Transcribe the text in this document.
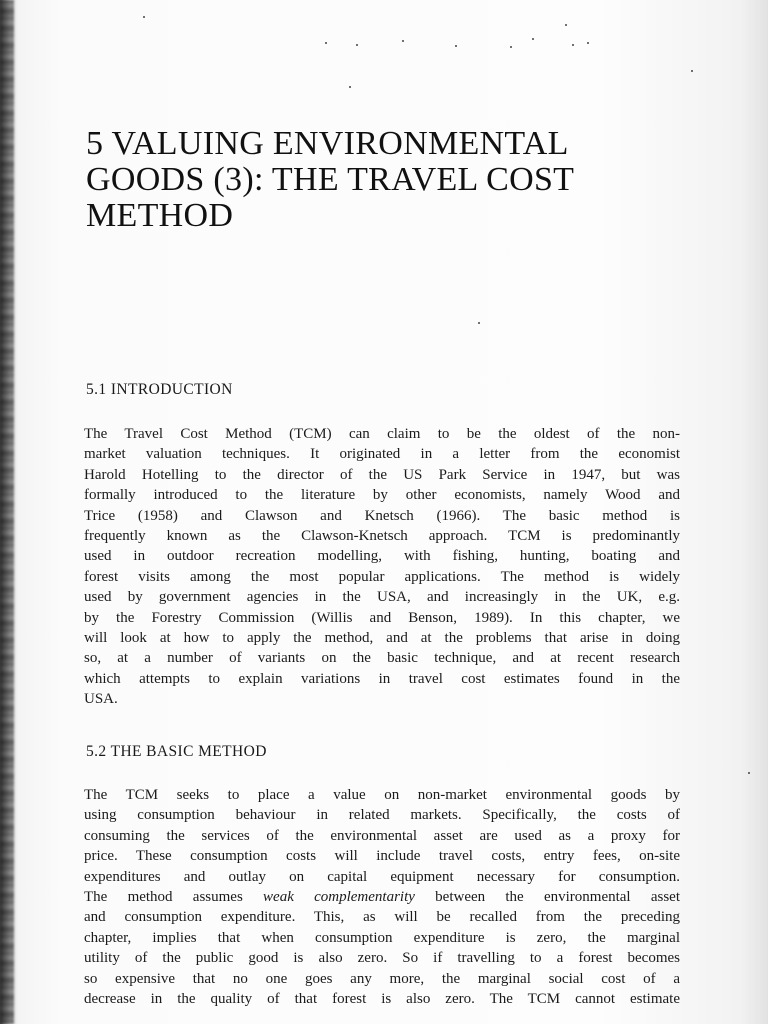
5 VALUING ENVIRONMENTAL
GOODS (3): THE TRAVEL COST
METHOD
5.1 INTRODUCTION
The Travel Cost Method (TCM) can claim to be the oldest of the non-
market valuation techniques. It originated in a letter from the economist
Harold Hotelling to the director of the US Park Service in 1947, but was
formally introduced to the literature by other economists, namely Wood and
Trice (1958) and Clawson and Knetsch (1966). The basic method is
frequently known as the Clawson-Knetsch approach. TCM is predominantly
used in outdoor recreation modelling, with fishing, hunting, boating and
forest visits among the most popular applications. The method is widely
used by government agencies in the USA, and increasingly in the UK, e.g.
by the Forestry Commission (Willis and Benson, 1989). In this chapter, we
will look at how to apply the method, and at the problems that arise in doing
so, at a number of variants on the basic technique, and at recent research
which attempts to explain variations in travel cost estimates found in the
USA.
5.2 THE BASIC METHOD
The TCM seeks to place a value on non-market environmental goods by
using consumption behaviour in related markets. Specifically, the costs of
consuming the services of the environmental asset are used as a proxy for
price. These consumption costs will include travel costs, entry fees, on-site
expenditures and outlay on capital equipment necessary for consumption.
The method assumes weak complementarity between the environmental asset
and consumption expenditure. This, as will be recalled from the preceding
chapter, implies that when consumption expenditure is zero, the marginal
utility of the public good is also zero. So if travelling to a forest becomes
so expensive that no one goes any more, the marginal social cost of a
decrease in the quality of that forest is also zero. The TCM cannot estimate
